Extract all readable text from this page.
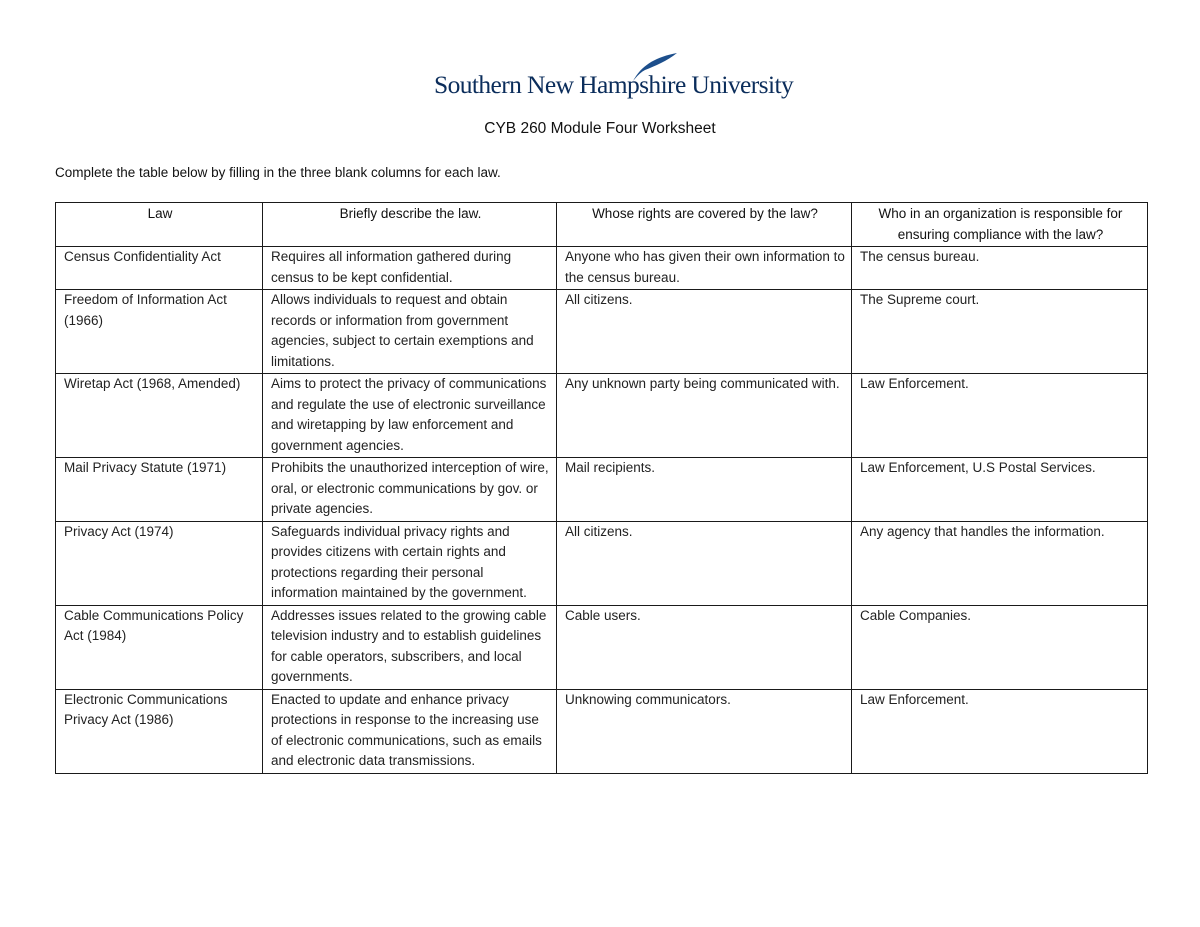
Southern New Hampshire University
CYB 260 Module Four Worksheet
Complete the table below by filling in the three blank columns for each law.
Law	Briefly describe the law.	Whose rights are covered by the law?	Who in an organization is responsible for ensuring compliance with the law?
Census Confidentiality Act	Requires all information gathered during census to be kept confidential.	Anyone who has given their own information to the census bureau.	The census bureau.
Freedom of Information Act (1966)	Allows individuals to request and obtain records or information from government agencies, subject to certain exemptions and limitations.	All citizens.	The Supreme court.
Wiretap Act (1968, Amended)	Aims to protect the privacy of communications and regulate the use of electronic surveillance and wiretapping by law enforcement and government agencies.	Any unknown party being communicated with.	Law Enforcement.
Mail Privacy Statute (1971)	Prohibits the unauthorized interception of wire, oral, or electronic communications by gov. or private agencies.	Mail recipients.	Law Enforcement, U.S Postal Services.
Privacy Act (1974)	Safeguards individual privacy rights and provides citizens with certain rights and protections regarding their personal information maintained by the government.	All citizens.	Any agency that handles the information.
Cable Communications Policy Act (1984)	Addresses issues related to the growing cable television industry and to establish guidelines for cable operators, subscribers, and local governments.	Cable users.	Cable Companies.
Electronic Communications Privacy Act (1986)	Enacted to update and enhance privacy protections in response to the increasing use of electronic communications, such as emails and electronic data transmissions.	Unknowing communicators.	Law Enforcement.
